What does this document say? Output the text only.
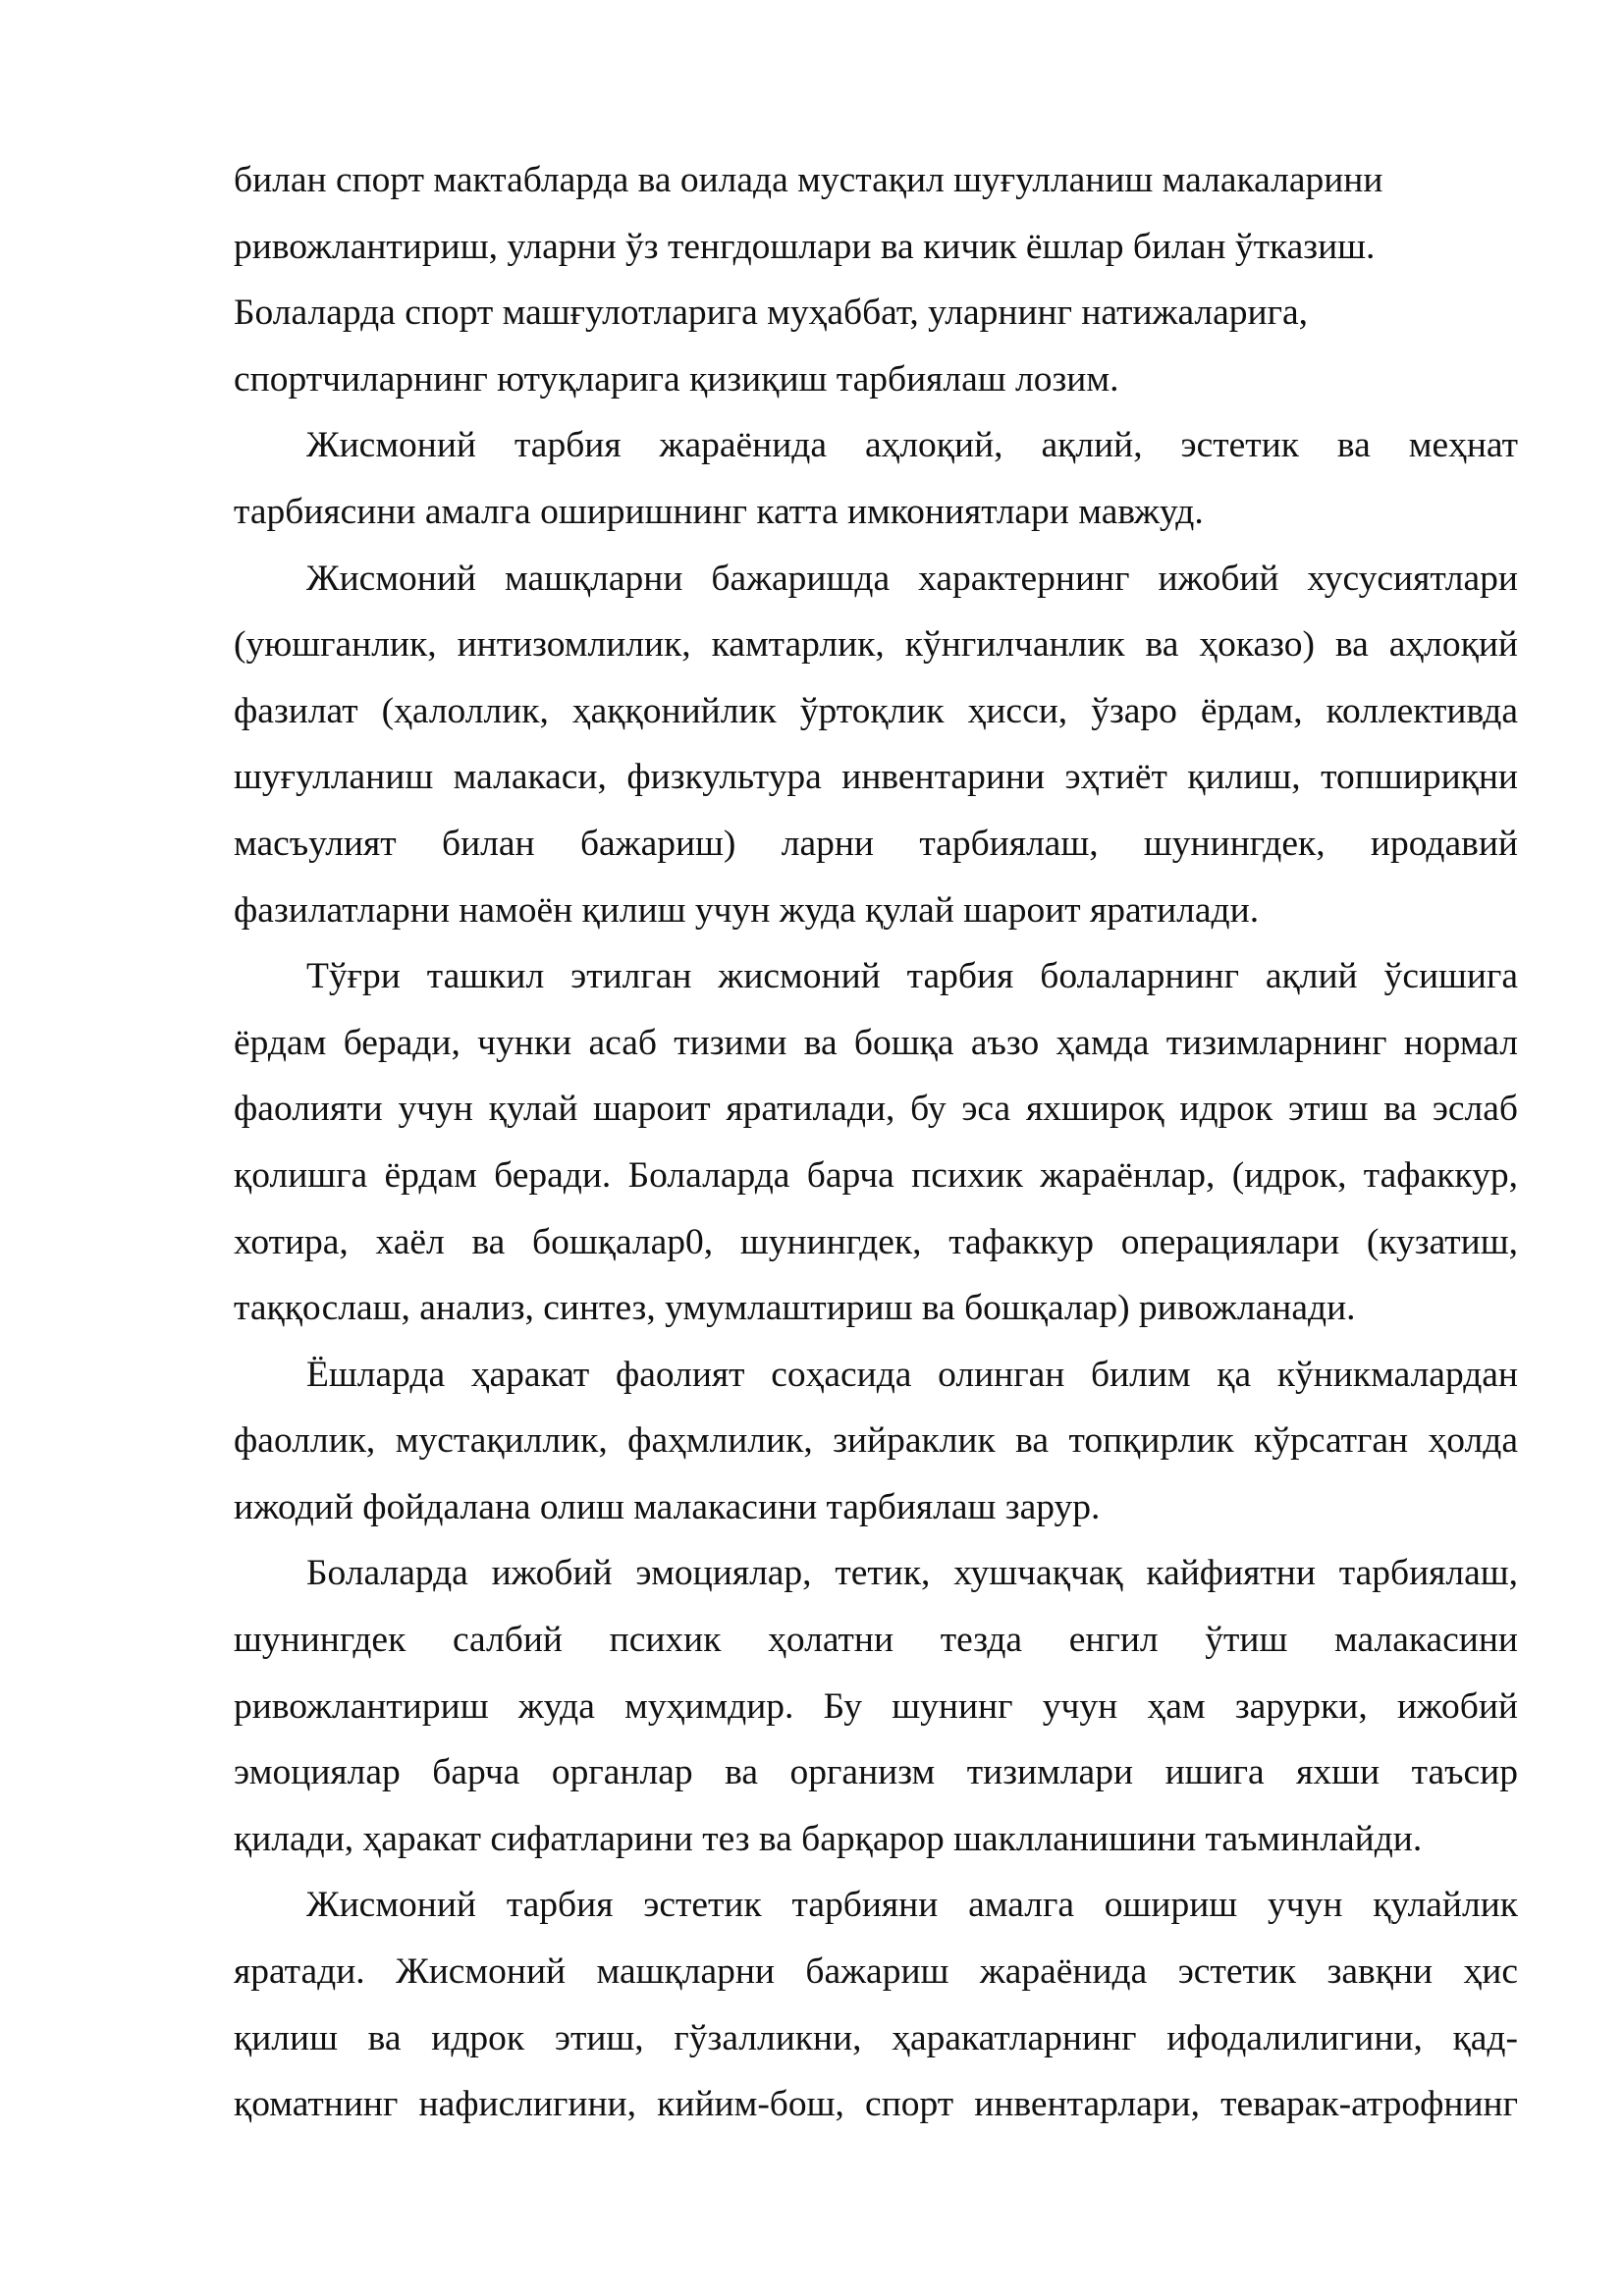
билан спорт мактабларда ва оилада мустақил шуғулланиш малакаларини
ривожлантириш, уларни ўз тенгдошлари ва кичик ёшлар билан ўтказиш.
Болаларда спорт машғулотларига муҳаббат, уларнинг натижаларига,
спортчиларнинг ютуқларига қизиқиш тарбиялаш лозим.
Жисмоний тарбия жараёнида аҳлоқий, ақлий, эстетик ва меҳнат
тарбиясини амалга оширишнинг катта имкониятлари мавжуд.
Жисмоний машқларни бажаришда характернинг ижобий хусусиятлари
(уюшганлик, интизомлилик, камтарлик, кўнгилчанлик ва ҳоказо) ва аҳлоқий
фазилат (ҳалоллик, ҳаққонийлик ўртоқлик ҳисси, ўзаро ёрдам, коллективда
шуғулланиш малакаси, физкультура инвентарини эҳтиёт қилиш, топшириқни
масъулият билан бажариш) ларни тарбиялаш, шунингдек, иродавий
фазилатларни намоён қилиш учун жуда қулай шароит яратилади.
Тўғри ташкил этилган жисмоний тарбия болаларнинг ақлий ўсишига
ёрдам беради, чунки асаб тизими ва бошқа аъзо ҳамда тизимларнинг нормал
фаолияти учун қулай шароит яратилади, бу эса яхшироқ идрок этиш ва эслаб
қолишга ёрдам беради. Болаларда барча психик жараёнлар, (идрок, тафаккур,
хотира, хаёл ва бошқалар0, шунингдек, тафаккур операциялари (кузатиш,
таққослаш, анализ, синтез, умумлаштириш ва бошқалар) ривожланади.
Ёшларда ҳаракат фаолият соҳасида олинган билим қа кўникмалардан
фаоллик, мустақиллик, фаҳмлилик, зийраклик ва топқирлик кўрсатган ҳолда
ижодий фойдалана олиш малакасини тарбиялаш зарур.
Болаларда ижобий эмоциялар, тетик, хушчақчақ кайфиятни тарбиялаш,
шунингдек салбий психик ҳолатни тезда енгил ўтиш малакасини
ривожлантириш жуда муҳимдир. Бу шунинг учун ҳам зарурки, ижобий
эмоциялар барча органлар ва организм тизимлари ишига яхши таъсир
қилади, ҳаракат сифатларини тез ва барқарор шаклланишини таъминлайди.
Жисмоний тарбия эстетик тарбияни амалга ошириш учун қулайлик
яратади. Жисмоний машқларни бажариш жараёнида эстетик завқни ҳис
қилиш ва идрок этиш, гўзалликни, ҳаракатларнинг ифодалилигини, қад-
қоматнинг нафислигини, кийим-бош, спорт инвентарлари, теварак-атрофнинг
